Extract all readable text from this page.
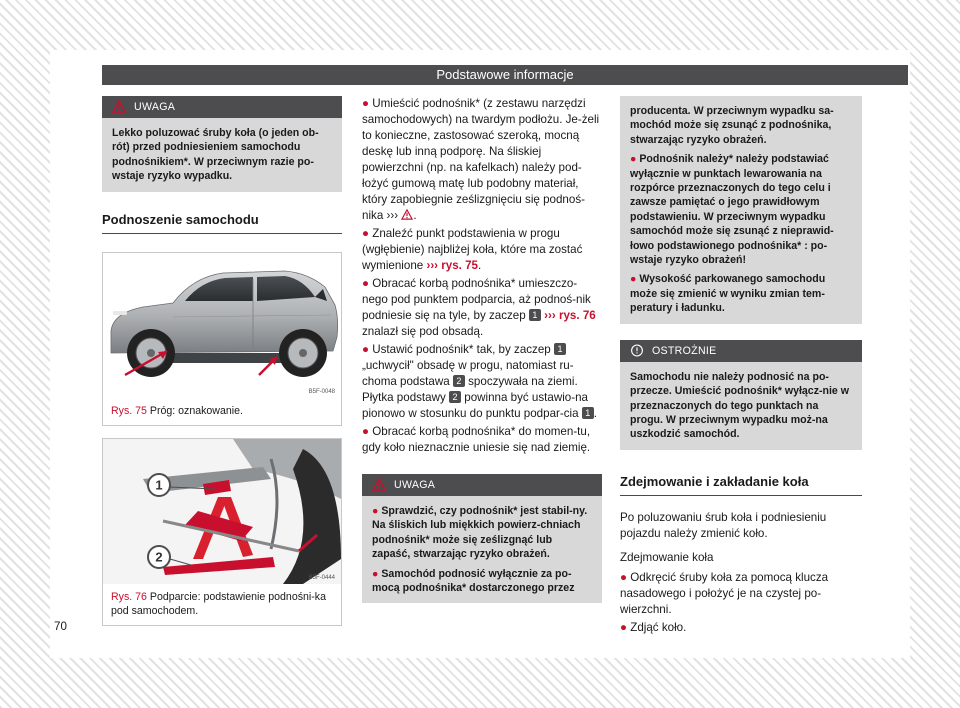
Podstawowe informacje
UWAGA

Lekko poluzować śruby koła (o jeden ob-rót) przed podniesieniem samochodu podnośnikiem*. W przeciwnym razie po-wstaje ryzyko wypadku.

Podnoszenie samochodu
B5F-0048
Rys. 75 Próg: oznakowanie.
1
2
B5F-0444
Rys. 76 Podparcie: podstawienie podnośni-ka pod samochodem.
70

● Umieścić podnośnik* (z zestawu narzędzi samochodowych) na twardym podłożu. Je-żeli to konieczne, zastosować szeroką, mocną deskę lub inną podporę. Na śliskiej powierzchni (np. na kafelkach) należy pod-łożyć gumową matę lub podobny materiał, który zapobiegnie ześlizgnięciu się podnoś-nika ››› .

● Znaleźć punkt podstawienia w progu (wgłębienie) najbliżej koła, które ma zostać wymienione ››› rys. 75.

● Obracać korbą podnośnika* umieszczo-nego pod punktem podparcia, aż podnoś-nik podniesie się na tyle, by zaczep 1 ››› rys. 76 znalazł się pod obsadą.

● Ustawić podnośnik* tak, by zaczep 1 „uchwycił" obsadę w progu, natomiast ru-choma podstawa 2 spoczywała na ziemi. Płytka podstawy 2 powinna być ustawio-na pionowo w stosunku do punktu podpar-cia 1 .

● Obracać korbą podnośnika* do momen-tu, gdy koło nieznacznie uniesie się nad ziemię.

UWAGA

● Sprawdzić, czy podnośnik* jest stabil-ny. Na śliskich lub miękkich powierz-chniach podnośnik* może się ześlizgnąć lub zapaść, stwarzając ryzyko obrażeń.

● Samochód podnosić wyłącznie za po-mocą podnośnika* dostarczonego przez

producenta. W przeciwnym wypadku sa-mochód może się zsunąć z podnośnika, stwarzając ryzyko obrażeń.

● Podnośnik należy* należy podstawiać wyłącznie w punktach lewarowania na rozpórce przeznaczonych do tego celu i zawsze pamiętać o jego prawidłowym podstawieniu. W przeciwnym wypadku samochód może się zsunąć z nieprawid-łowo podstawionego podnośnika* : po-wstaje ryzyko obrażeń!

● Wysokość parkowanego samochodu może się zmienić w wyniku zmian tem-peratury i ładunku.

OSTROŻNIE

Samochodu nie należy podnosić na po-przecze. Umieścić podnośnik* wyłącz-nie w przeznaczonych do tego punktach na progu. W przeciwnym wypadku moż-na uszkodzić samochód.

Zdejmowanie i zakładanie koła

Po poluzowaniu śrub koła i podniesieniu pojazdu należy zmienić koło.

Zdejmowanie koła

● Odkręcić śruby koła za pomocą klucza nasadowego i położyć je na czystej po-wierzchni.

● Zdjąć koło.
